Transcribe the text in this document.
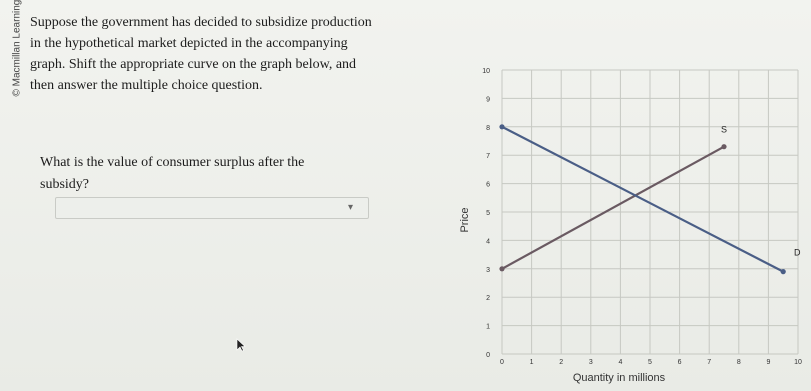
© Macmillan Learning Suppose the government has decided to subsidize production
in the hypothetical market depicted in the accompanying
graph. Shift the appropriate curve on the graph below, and
then answer the multiple choice question.
What is the value of consumer surplus after the
subsidy?
▾
0
1
2
3
4
5
6
7
8
9
10
0	1	2	3	4	5	6	7	8	9	10
S
D
Price
Quantity in millions
